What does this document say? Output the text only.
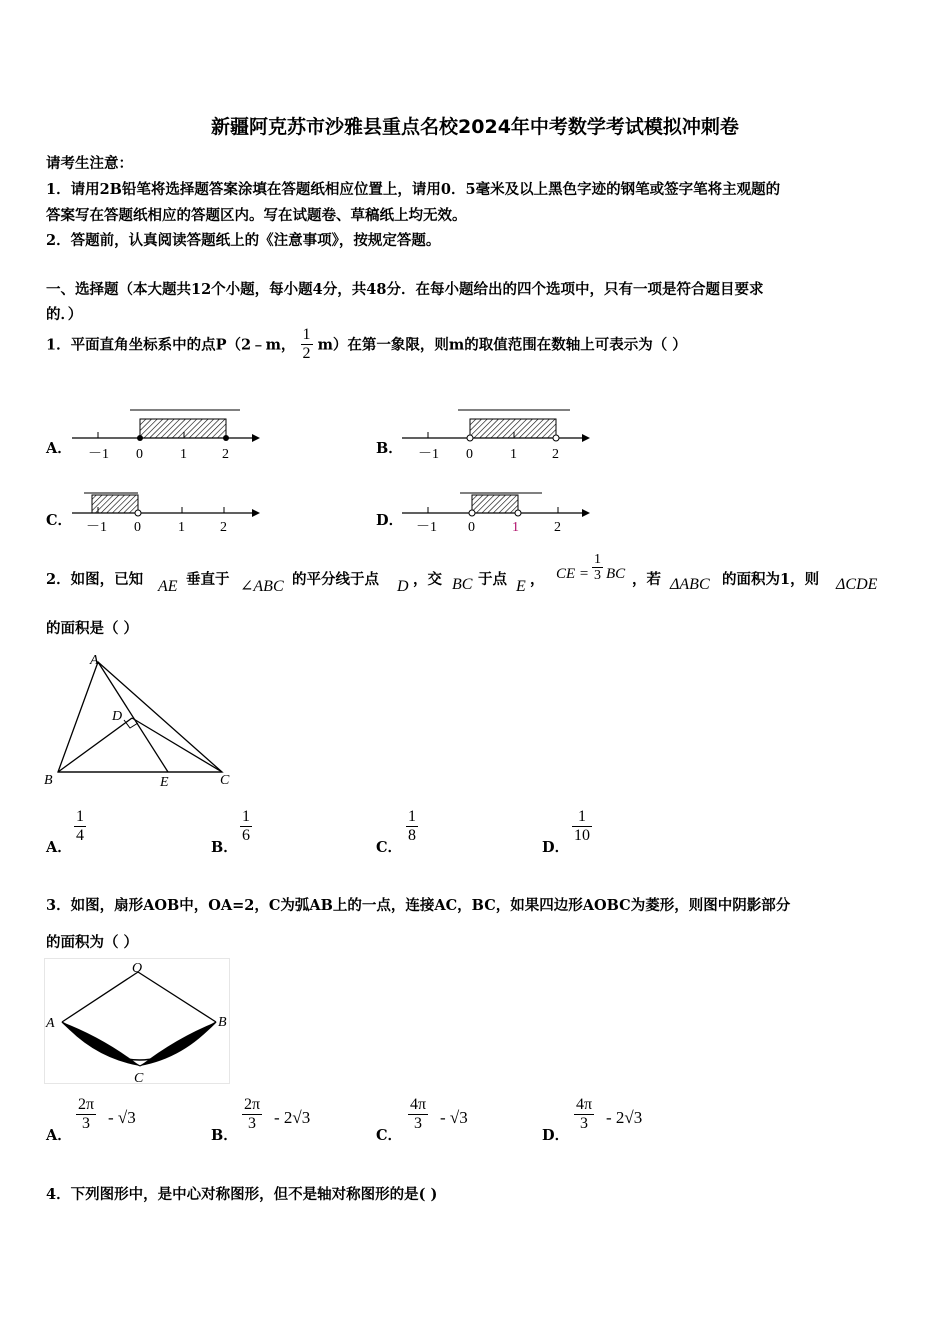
新疆阿克苏市沙雅县重点名校2024年中考数学考试模拟冲刺卷
请考生注意：
1．请用2B铅笔将选择题答案涂填在答题纸相应位置上，请用0．5毫米及以上黑色字迹的钢笔或签字笔将主观题的
答案写在答题纸相应的答题区内。写在试题卷、草稿纸上均无效。
2．答题前，认真阅读答题纸上的《注意事项》，按规定答题。
一、选择题（本大题共12个小题，每小题4分，共48分．在每小题给出的四个选项中，只有一项是符合题目要求
的．）
1．平面直角坐标系中的点P（2﹣m， $\frac{1}{2} m$）在第一象限，则m的取值范围在数轴上可表示为（ ）
A． －1 0	1	2	B． －1 0	1	2
C． －1 0	1	2	D． －1 0	1	2
2．如图，已知 AE 垂直于 ∠ABC 的平分线于点 D ，交 BC 于点 E ， CE = $\frac{1}{3}$ BC ，若 ΔABC 的面积为1，则 ΔCDE
的面积是（ ）
A
B	C
D
E
A．
$\frac{1}{4}$
B．
$\frac{1}{6}$
C．
$\frac{1}{8}$
D．
$\frac{1}{10}$
3．如图，扇形AOB中，OA=2，C为弧AB上的一点，连接AC，BC，如果四边形AOBC为菱形，则图中阴影部分
的面积为（ ）
O
A	B
C
A．
$\frac{2\pi}{3} - √3$
B．
$\frac{2\pi}{3} - 2√3$
C．
$\frac{4\pi}{3} - √3$
D．
$\frac{4\pi}{3} - 2√3$
4．下列图形中，是中心对称图形，但不是轴对称图形的是( )
